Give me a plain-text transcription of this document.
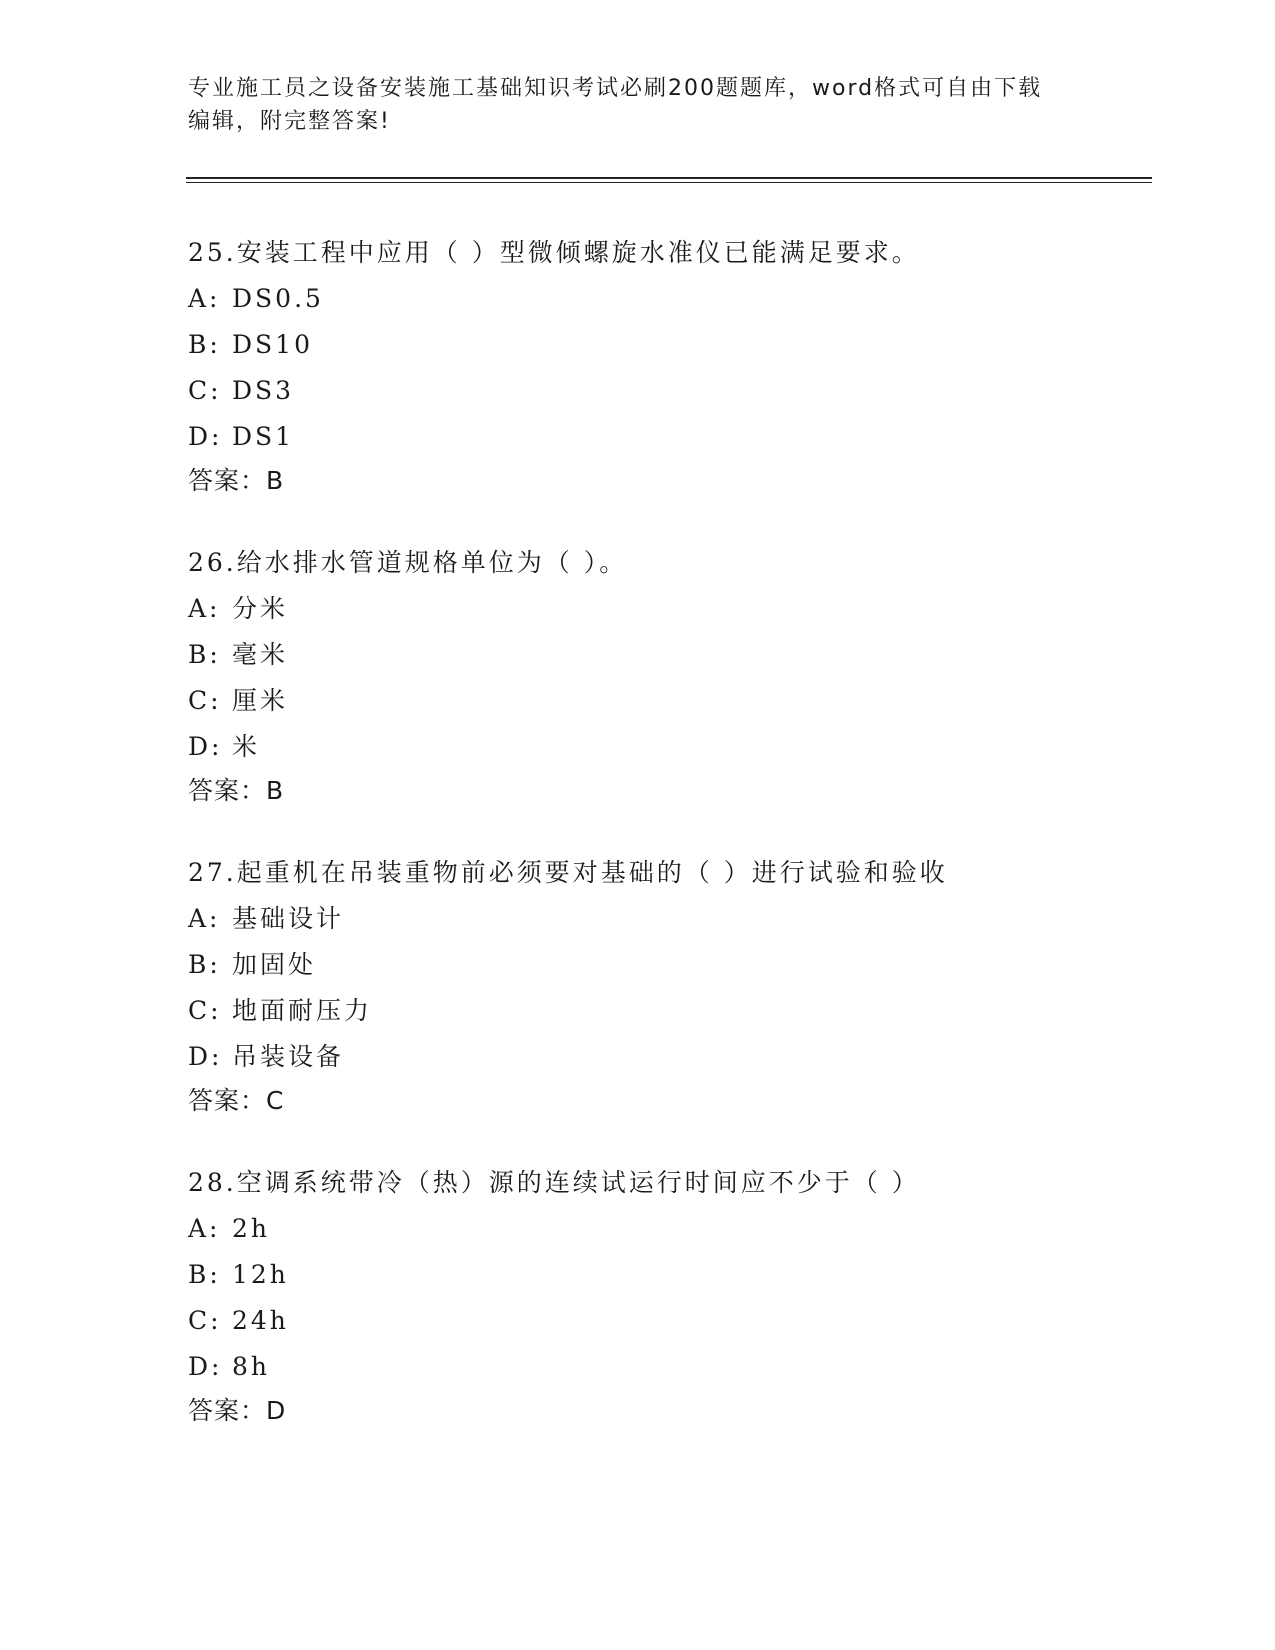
专业施工员之设备安装施工基础知识考试必刷200题题库，word格式可自由下载
编辑，附完整答案!
25.安装工程中应用（ ）型微倾螺旋水准仪已能满足要求。
A: DS0.5
B: DS10
C: DS3
D: DS1
答案：B
26.给水排水管道规格单位为（ ）。
A: 分米
B: 毫米
C: 厘米
D: 米
答案：B
27.起重机在吊装重物前必须要对基础的（ ）进行试验和验收
A: 基础设计
B: 加固处
C: 地面耐压力
D: 吊装设备
答案：C
28.空调系统带冷（热）源的连续试运行时间应不少于（ ）
A: 2h
B: 12h
C: 24h
D: 8h
答案：D
